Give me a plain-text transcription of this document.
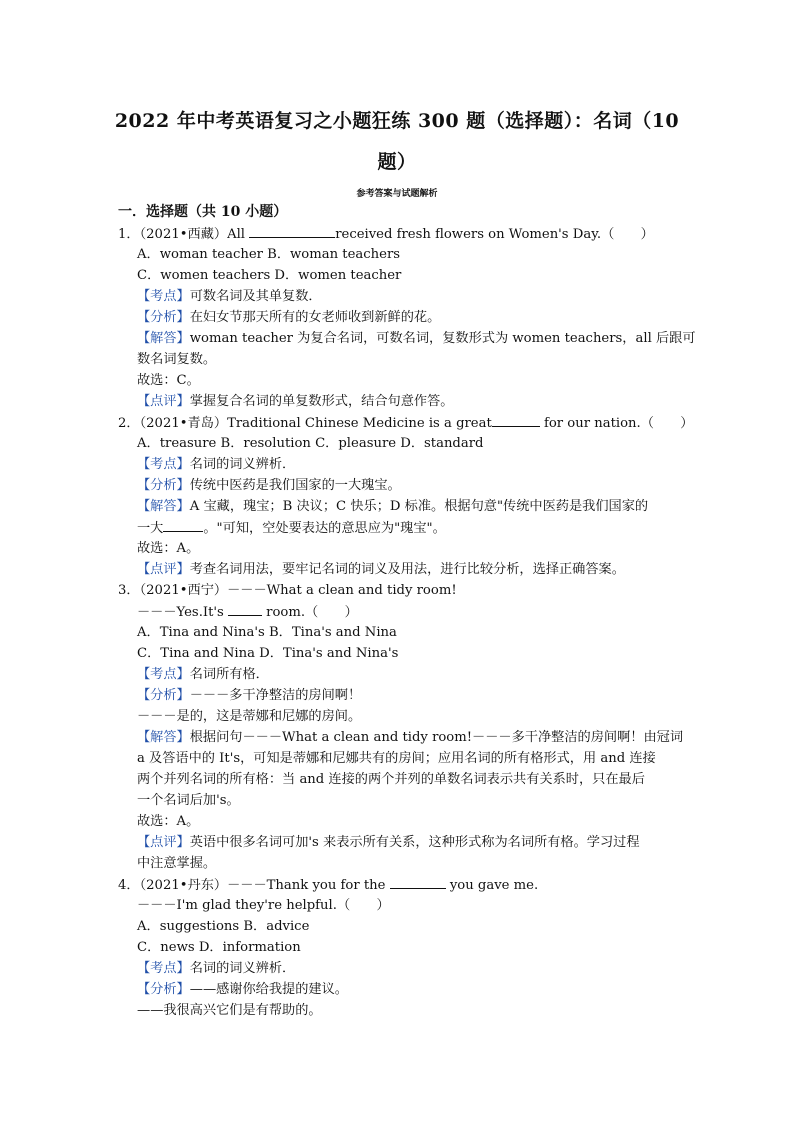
2022 年中考英语复习之小题狂练 300 题（选择题）：名词（10
题）
参考答案与试题解析
一．选择题（共 10 小题）
1．（2021•西藏）All	received fresh flowers on Women's Day.（　　）
A．woman teacher B．woman teachers
C．women teachers D．women teacher
【考点】可数名词及其单复数．
【分析】在妇女节那天所有的女老师收到新鲜的花。
【解答】woman teacher 为复合名词，可数名词，复数形式为 women teachers，all 后跟可
数名词复数。
故选：C。
【点评】掌握复合名词的单复数形式，结合句意作答。
2．（2021•青岛）Traditional Chinese Medicine is a great	for our nation.（　　）
A．treasure B．resolution C．pleasure D．standard
【考点】名词的词义辨析．
【分析】传统中医药是我们国家的一大瑰宝。
【解答】A 宝藏，瑰宝；B 决议；C 快乐；D 标准。根据句意"传统中医药是我们国家的
一大	。"可知，空处要表达的意思应为"瑰宝"。
故选：A。
【点评】考查名词用法，要牢记名词的词义及用法，进行比较分析，选择正确答案。
3．（2021•西宁）－－－What a clean and tidy room!
－－－Yes.It's	room.（　　）
A．Tina and Nina's B．Tina's and Nina
C．Tina and Nina D．Tina's and Nina's
【考点】名词所有格．
【分析】－－－多干净整洁的房间啊！
－－－是的，这是蒂娜和尼娜的房间。
【解答】根据问句－－－What a clean and tidy room!－－－多干净整洁的房间啊！由冠词
a 及答语中的 It's，可知是蒂娜和尼娜共有的房间；应用名词的所有格形式，用 and 连接
两个并列名词的所有格：当 and 连接的两个并列的单数名词表示共有关系时，只在最后
一个名词后加's。
故选：A。
【点评】英语中很多名词可加's 来表示所有关系，这种形式称为名词所有格。学习过程
中注意掌握。
4．（2021•丹东）－－－Thank you for the	you gave me.
－－－I'm glad they're helpful.（　　）
A．suggestions B．advice
C．news D．information
【考点】名词的词义辨析．
【分析】——感谢你给我提的建议。
——我很高兴它们是有帮助的。
